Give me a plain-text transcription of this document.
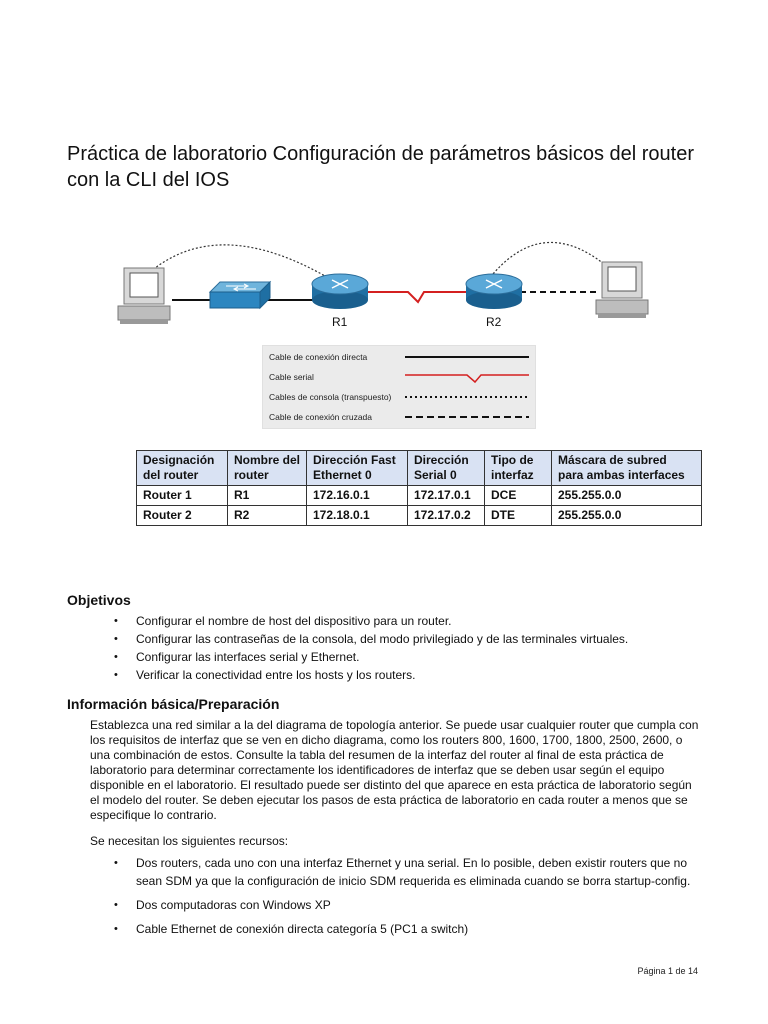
Práctica de laboratorio Configuración de parámetros básicos del router con la CLI del IOS
R1	R2
Cable de conexión directa
Cable serial
Cables de consola (transpuesto)
Cable de conexión cruzada
Designación del router	Nombre del router	Dirección Fast Ethernet 0	Dirección Serial 0	Tipo de interfaz	Máscara de subred para ambas interfaces
Router 1	R1	172.16.0.1	172.17.0.1	DCE	255.255.0.0
Router 2	R2	172.18.0.1	172.17.0.2	DTE	255.255.0.0
Objetivos
• Configurar el nombre de host del dispositivo para un router.
• Configurar las contraseñas de la consola, del modo privilegiado y de las terminales virtuales.
• Configurar las interfaces serial y Ethernet.
• Verificar la conectividad entre los hosts y los routers.
Información básica/Preparación

Establezca una red similar a la del diagrama de topología anterior. Se puede usar cualquier router que cumpla con los requisitos de interfaz que se ven en dicho diagrama, como los routers 800, 1600, 1700, 1800, 2500, 2600, o una combinación de estos. Consulte la tabla del resumen de la interfaz del router al final de esta práctica de laboratorio para determinar correctamente los identificadores de interfaz que se deben usar según el equipo disponible en el laboratorio. El resultado puede ser distinto del que aparece en esta práctica de laboratorio según el modelo del router. Se deben ejecutar los pasos de esta práctica de laboratorio en cada router a menos que se especifique lo contrario.

Se necesitan los siguientes recursos:

• Dos routers, cada uno con una interfaz Ethernet y una serial. En lo posible, deben existir routers que no sean SDM ya que la configuración de inicio SDM requerida es eliminada cuando se borra startup-config.
• Dos computadoras con Windows XP
• Cable Ethernet de conexión directa categoría 5 (PC1 a switch)
Página 1 de 14
